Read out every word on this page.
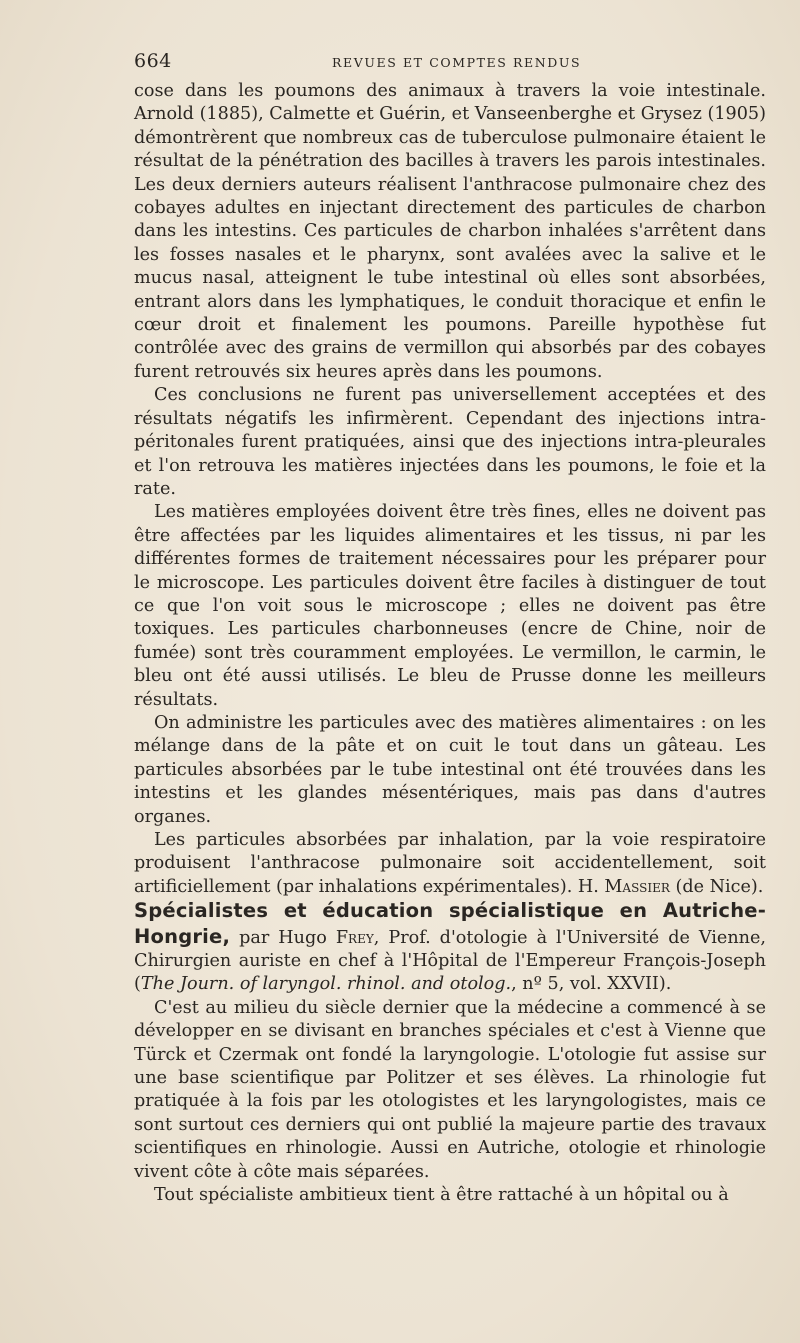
664	REVUES ET COMPTES RENDUS

cose dans les poumons des animaux à travers la voie intestinale. Arnold (1885), Calmette et Guérin, et Vanseenberghe et Grysez (1905) démontrèrent que nombreux cas de tuberculose pulmonaire étaient le résultat de la pénétration des bacilles à travers les parois intestinales. Les deux derniers auteurs réalisent l'anthracose pulmonaire chez des cobayes adultes en injectant directement des particules de charbon dans les intestins. Ces particules de charbon inhalées s'arrêtent dans les fosses nasales et le pharynx, sont avalées avec la salive et le mucus nasal, atteignent le tube intestinal où elles sont absorbées, entrant alors dans les lymphatiques, le conduit thoracique et enfin le cœur droit et finalement les poumons. Pareille hypothèse fut contrôlée avec des grains de vermillon qui absorbés par des cobayes furent retrouvés six heures après dans les poumons.

Ces conclusions ne furent pas universellement acceptées et des résultats négatifs les infirmèrent. Cependant des injections intra-péritonales furent pratiquées, ainsi que des injections intra-pleurales et l'on retrouva les matières injectées dans les poumons, le foie et la rate.

Les matières employées doivent être très fines, elles ne doivent pas être affectées par les liquides alimentaires et les tissus, ni par les différentes formes de traitement nécessaires pour les préparer pour le microscope. Les particules doivent être faciles à distinguer de tout ce que l'on voit sous le microscope ; elles ne doivent pas être toxiques. Les particules charbonneuses (encre de Chine, noir de fumée) sont très couramment employées. Le vermillon, le carmin, le bleu ont été aussi utilisés. Le bleu de Prusse donne les meilleurs résultats.

On administre les particules avec des matières alimentaires : on les mélange dans de la pâte et on cuit le tout dans un gâteau. Les particules absorbées par le tube intestinal ont été trouvées dans les intestins et les glandes mésentériques, mais pas dans d'autres organes.

Les particules absorbées par inhalation, par la voie respiratoire produisent l'anthracose pulmonaire soit accidentellement, soit artificiellement (par inhalations expérimentales). H. Massier (de Nice).

Spécialistes et éducation spécialistique en Autriche-Hongrie, par Hugo Frey, Prof. d'otologie à l'Université de Vienne, Chirurgien auriste en chef à l'Hôpital de l'Empereur François-Joseph (The Journ. of laryngol. rhinol. and otolog., nº 5, vol. XXVII).

C'est au milieu du siècle dernier que la médecine a commencé à se développer en se divisant en branches spéciales et c'est à Vienne que Türck et Czermak ont fondé la laryngologie. L'otologie fut assise sur une base scientifique par Politzer et ses élèves. La rhinologie fut pratiquée à la fois par les otologistes et les laryngologistes, mais ce sont surtout ces derniers qui ont publié la majeure partie des travaux scientifiques en rhinologie. Aussi en Autriche, otologie et rhinologie vivent côte à côte mais séparées.

Tout spécialiste ambitieux tient à être rattaché à un hôpital ou à
